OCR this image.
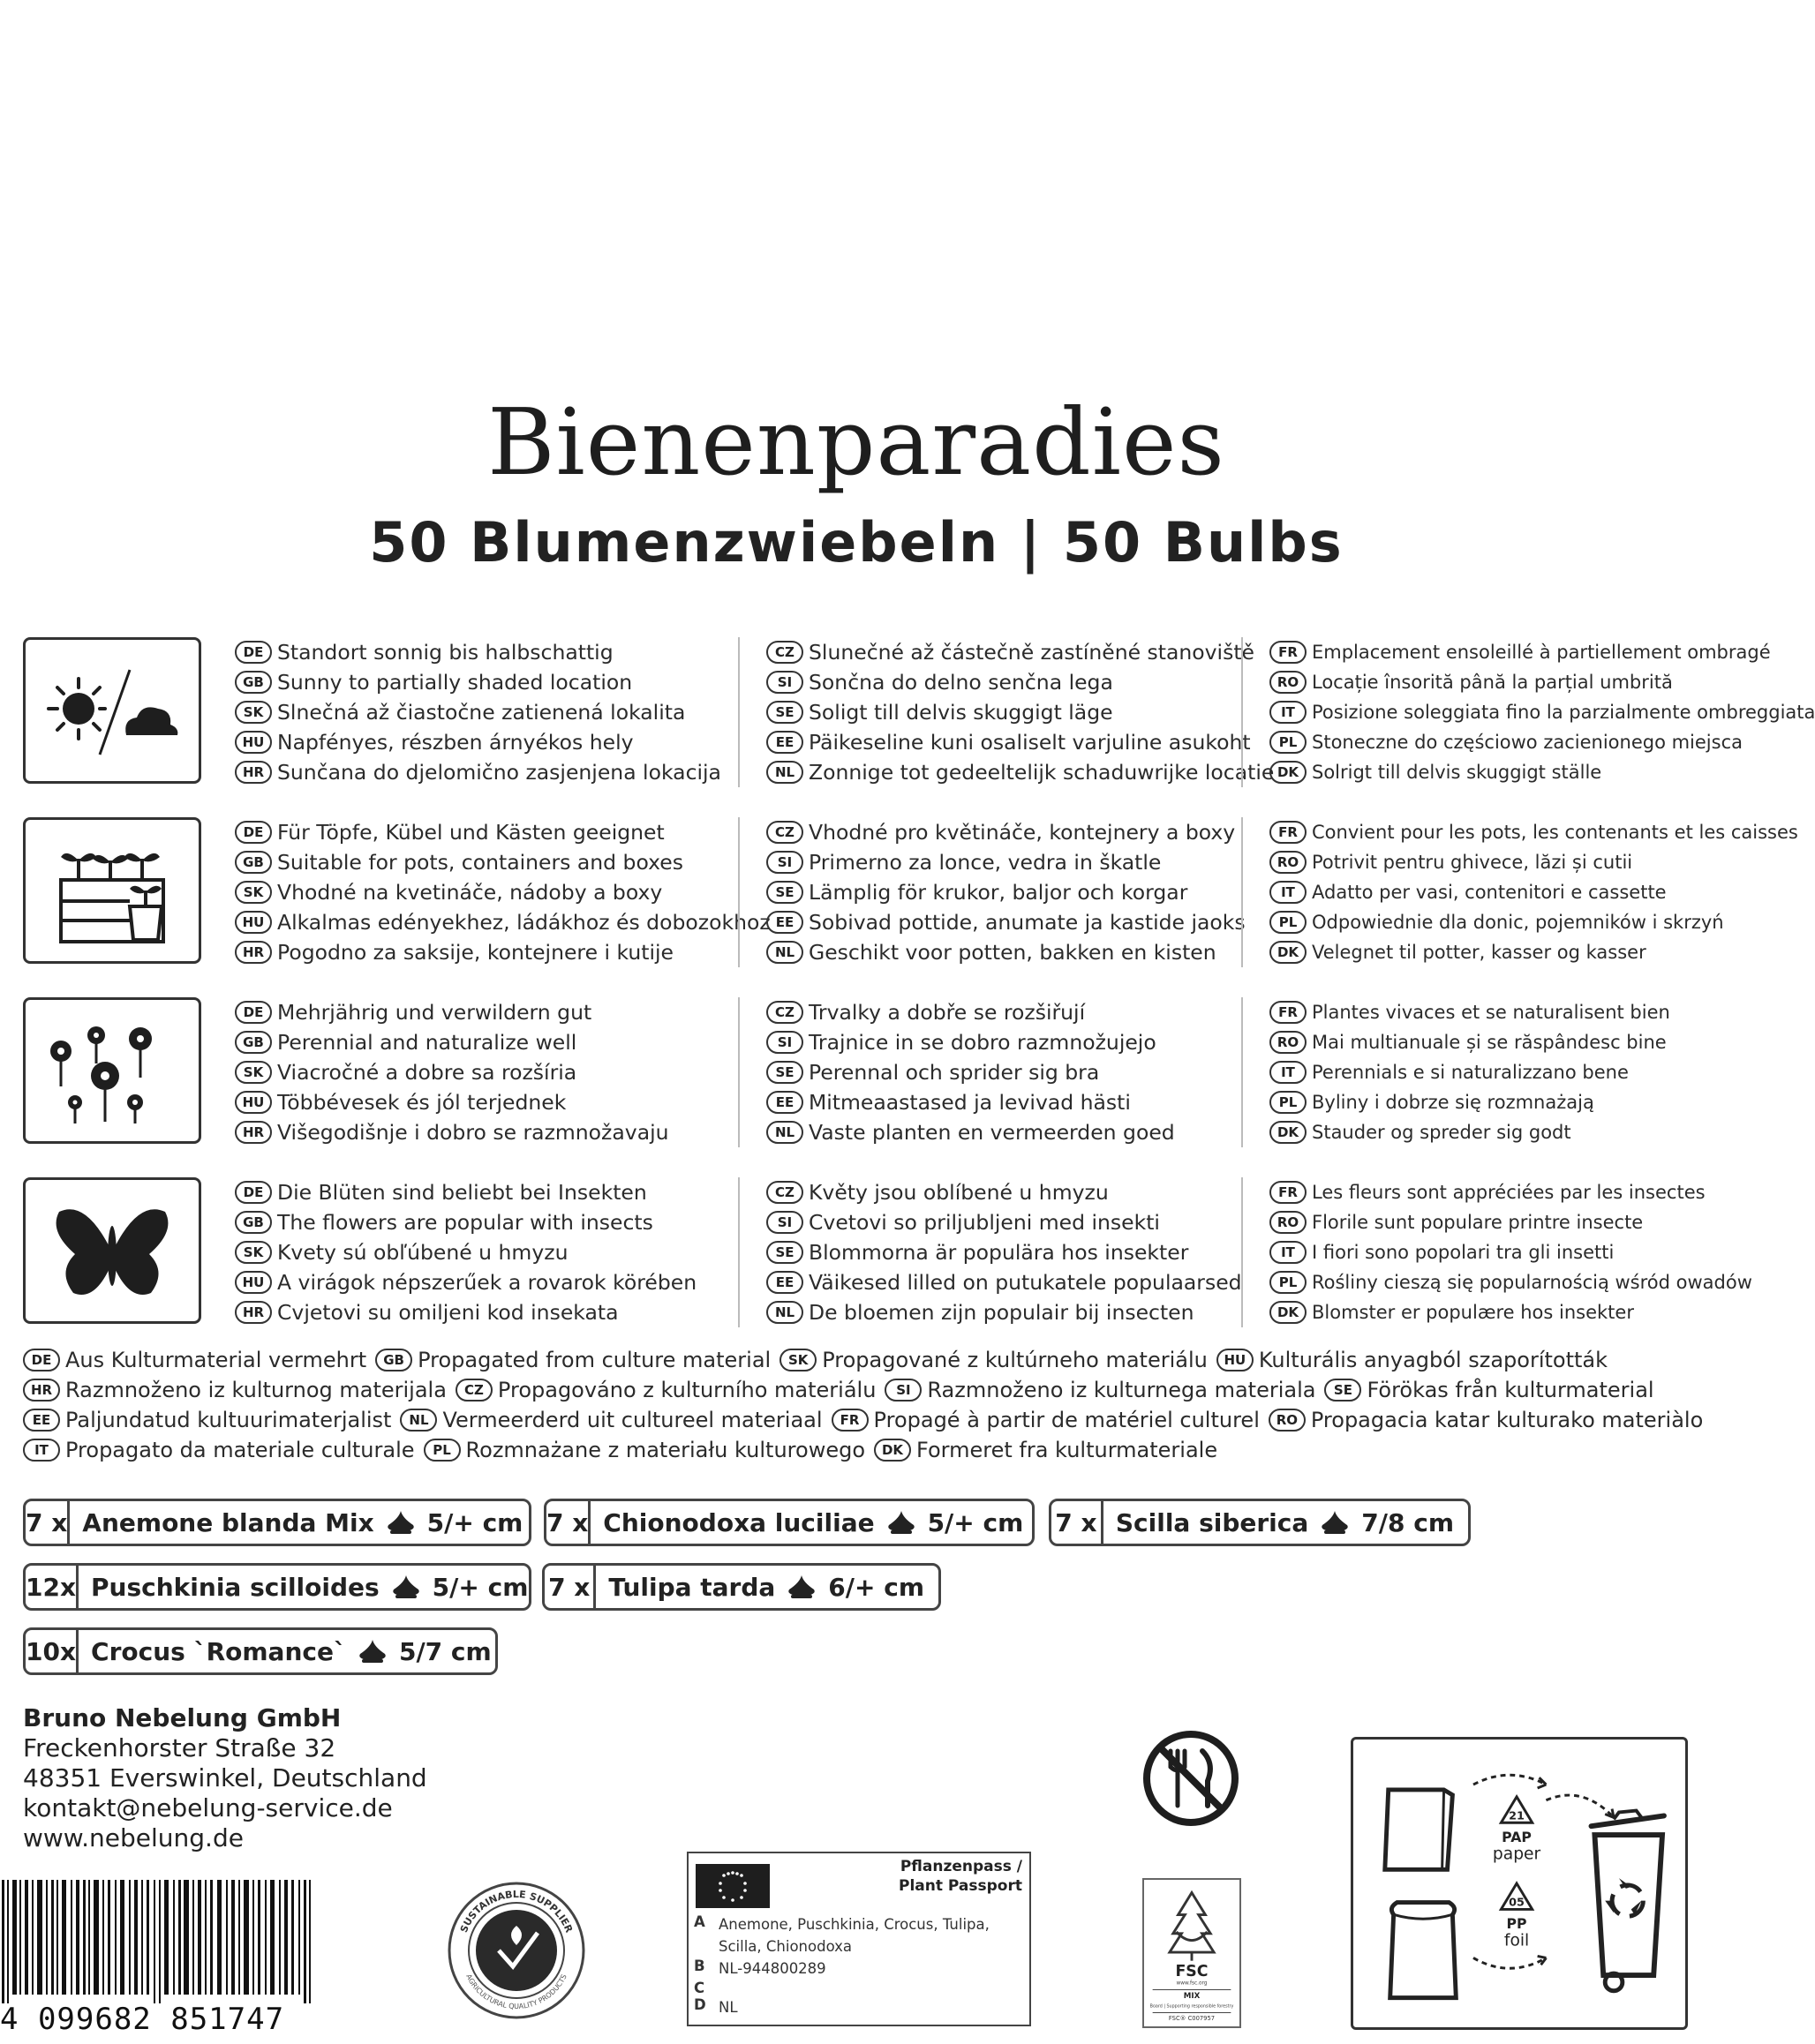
Bienenparadies
50 Blumenzwiebeln | 50 Bulbs
DE Standort sonnig bis halbschattig
GB Sunny to partially shaded location
SK Slnečná až čiastočne zatienená lokalita
HU Napfényes, részben árnyékos hely
HR Sunčana do djelomično zasjenjena lokacija
CZ Slunečné až částečně zastíněné stanoviště
SI Sončna do delno senčna lega
SE Soligt till delvis skuggigt läge
EE Päikeseline kuni osaliselt varjuline asukoht
NL Zonnige tot gedeeltelijk schaduwrijke locatie
FR Emplacement ensoleillé à partiellement ombragé
RO Locație însorită până la parțial umbrită
IT Posizione soleggiata fino la parzialmente ombreggiata
PL Stoneczne do częściowo zacienionego miejsca
DK Solrigt till delvis skuggigt ställe
DE Für Töpfe, Kübel und Kästen geeignet
GB Suitable for pots, containers and boxes
SK Vhodné na kvetináče, nádoby a boxy
HU Alkalmas edényekhez, ládákhoz és dobozokhoz
HR Pogodno za saksije, kontejnere i kutije
CZ Vhodné pro květináče, kontejnery a boxy
SI Primerno za lonce, vedra in škatle
SE Lämplig för krukor, baljor och korgar
EE Sobivad pottide, anumate ja kastide jaoks
NL Geschikt voor potten, bakken en kisten
FR Convient pour les pots, les contenants et les caisses
RO Potrivit pentru ghivece, lăzi și cutii
IT Adatto per vasi, contenitori e cassette
PL Odpowiednie dla donic, pojemników i skrzyń
DK Velegnet til potter, kasser og kasser
DE Mehrjährig und verwildern gut
GB Perennial and naturalize well
SK Viacročné a dobre sa rozšíria
HU Többévesek és jól terjednek
HR Višegodišnje i dobro se razmnožavaju
CZ Trvalky a dobře se rozšiřují
SI Trajnice in se dobro razmnožujejo
SE Perennal och sprider sig bra
EE Mitmeaastased ja levivad hästi
NL Vaste planten en vermeerden goed
FR Plantes vivaces et se naturalisent bien
RO Mai multianuale și se răspândesc bine
IT Perennials e si naturalizzano bene
PL Byliny i dobrze się rozmnażają
DK Stauder og spreder sig godt
DE Die Blüten sind beliebt bei Insekten
GB The flowers are popular with insects
SK Kvety sú obľúbené u hmyzu
HU A virágok népszerűek a rovarok körében
HR Cvjetovi su omiljeni kod insekata
CZ Květy jsou oblíbené u hmyzu
SI Cvetovi so priljubljeni med insekti
SE Blommorna är populära hos insekter
EE Väikesed lilled on putukatele populaarsed
NL De bloemen zijn populair bij insecten
FR Les fleurs sont appréciées par les insectes
RO Florile sunt populare printre insecte
IT I fiori sono popolari tra gli insetti
PL Rośliny cieszą się popularnością wśród owadów
DK Blomster er populære hos insekter
DE Aus Kulturmaterial vermehrt	GB Propagated from culture material	SK Propagované z kultúrneho materiálu	HU Kulturális anyagból szaporították
HR Razmnoženo iz kulturnog materijala	CZ Propagováno z kulturního materiálu	SI Razmnoženo iz kulturnega materiala	SE Förökas från kulturmaterial
EE Paljundatud kultuurimaterjalist	NL Vermeerderd uit cultureel materiaal	FR Propagé à partir de matériel culturel	RO Propagacia katar kulturako materiàlo
IT Propagato da materiale culturale	PL Rozmnażane z materiału kulturowego	DK Formeret fra kulturmateriale
7 x Anemone blanda Mix 5/+ cm 7 x Chionodoxa luciliae 5/+ cm	7 x Scilla siberica 7/8 cm
12x Puschkinia scilloides 5/+ cm 7 x Tulipa tarda 6/+ cm
10x Crocus `Romance` 5/7 cm
Bruno Nebelung GmbH
Freckenhorster Straße 32
48351 Everswinkel, Deutschland
kontakt@nebelung-service.de
www.nebelung.de
4 099682 851747
SUSTAINABLE SUPPLIER
AGRICULTURAL QUALITY PRODUCTS
Pflanzenpass /
Plant Passport
A Anemone, Puschkinia, Crocus, Tulipa, Scilla, Chionodoxa
B NL-944800289
C
D NL
FSC
www.fsc.org
MIX
Board | Supporting responsible forestry
FSC® C007957
21
PAP
paper
05
PP
foil
